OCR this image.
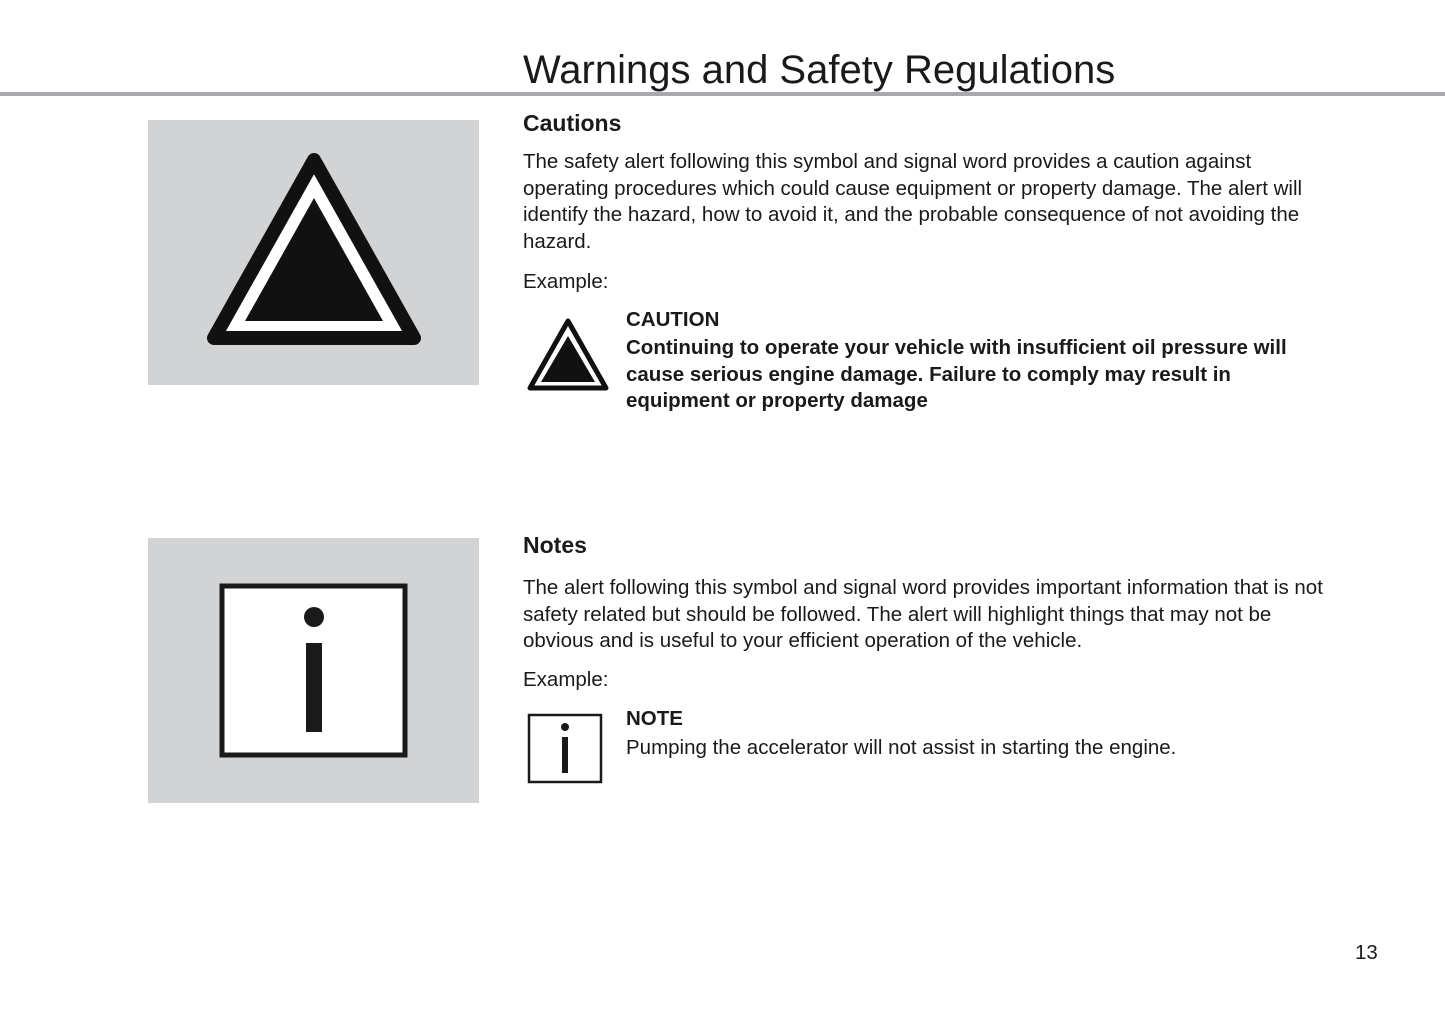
Warnings and Safety Regulations
Cautions

The safety alert following this symbol and signal word provides a caution against operating procedures which could cause equipment or property damage. The alert will identify the hazard, how to avoid it, and the probable consequence of not avoiding the hazard.

Example:

CAUTION

Continuing to operate your vehicle with insufficient oil pressure will cause serious engine damage. Failure to comply may result in equipment or property damage

Notes

The alert following this symbol and signal word provides important information that is not safety related but should be followed. The alert will highlight things that may not be obvious and is useful to your efficient operation of the vehicle.

Example:

NOTE

Pumping the accelerator will not assist in starting the engine.

13
